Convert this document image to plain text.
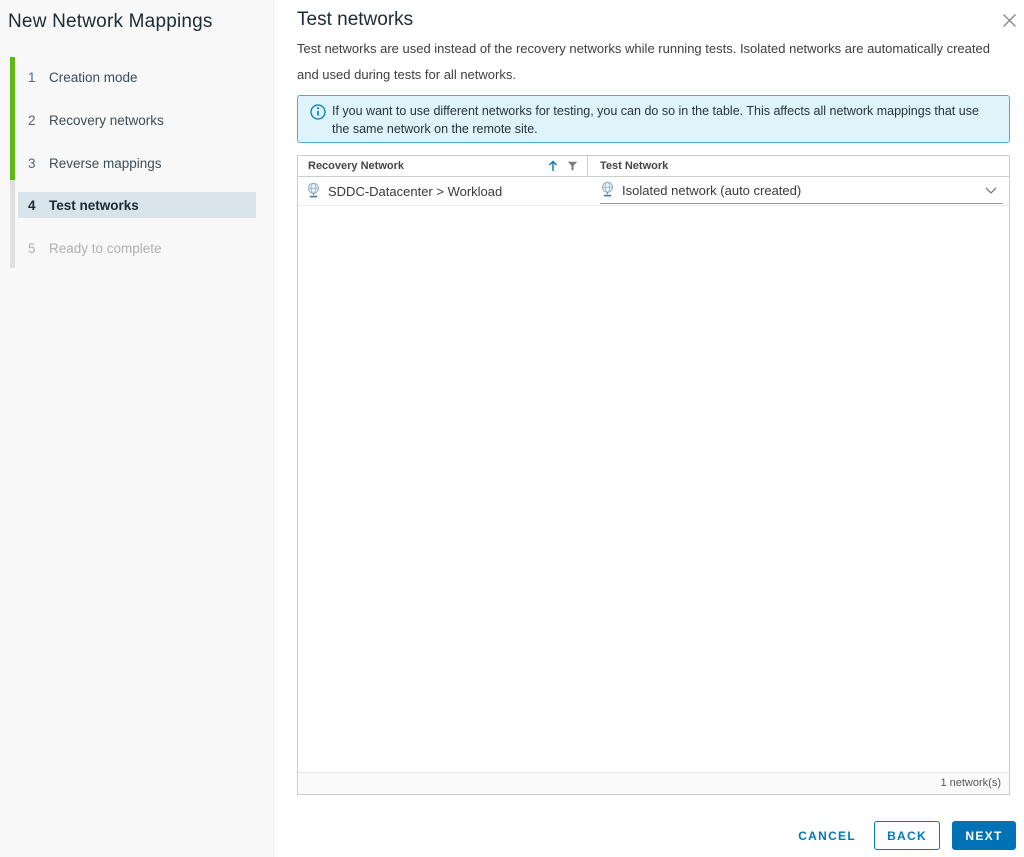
New Network Mappings
1 Creation mode
2 Recovery networks
3 Reverse mappings
4 Test networks
5 Ready to complete
Test networks
Test networks are used instead of the recovery networks while running tests. Isolated networks are automatically created and used during tests for all networks.
If you want to use different networks for testing, you can do so in the table. This affects all network mappings that use the same network on the remote site.
Recovery Network	Test Network
SDDC-Datacenter > Workload	Isolated network (auto created)
1 network(s)
CANCEL	BACK	NEXT
